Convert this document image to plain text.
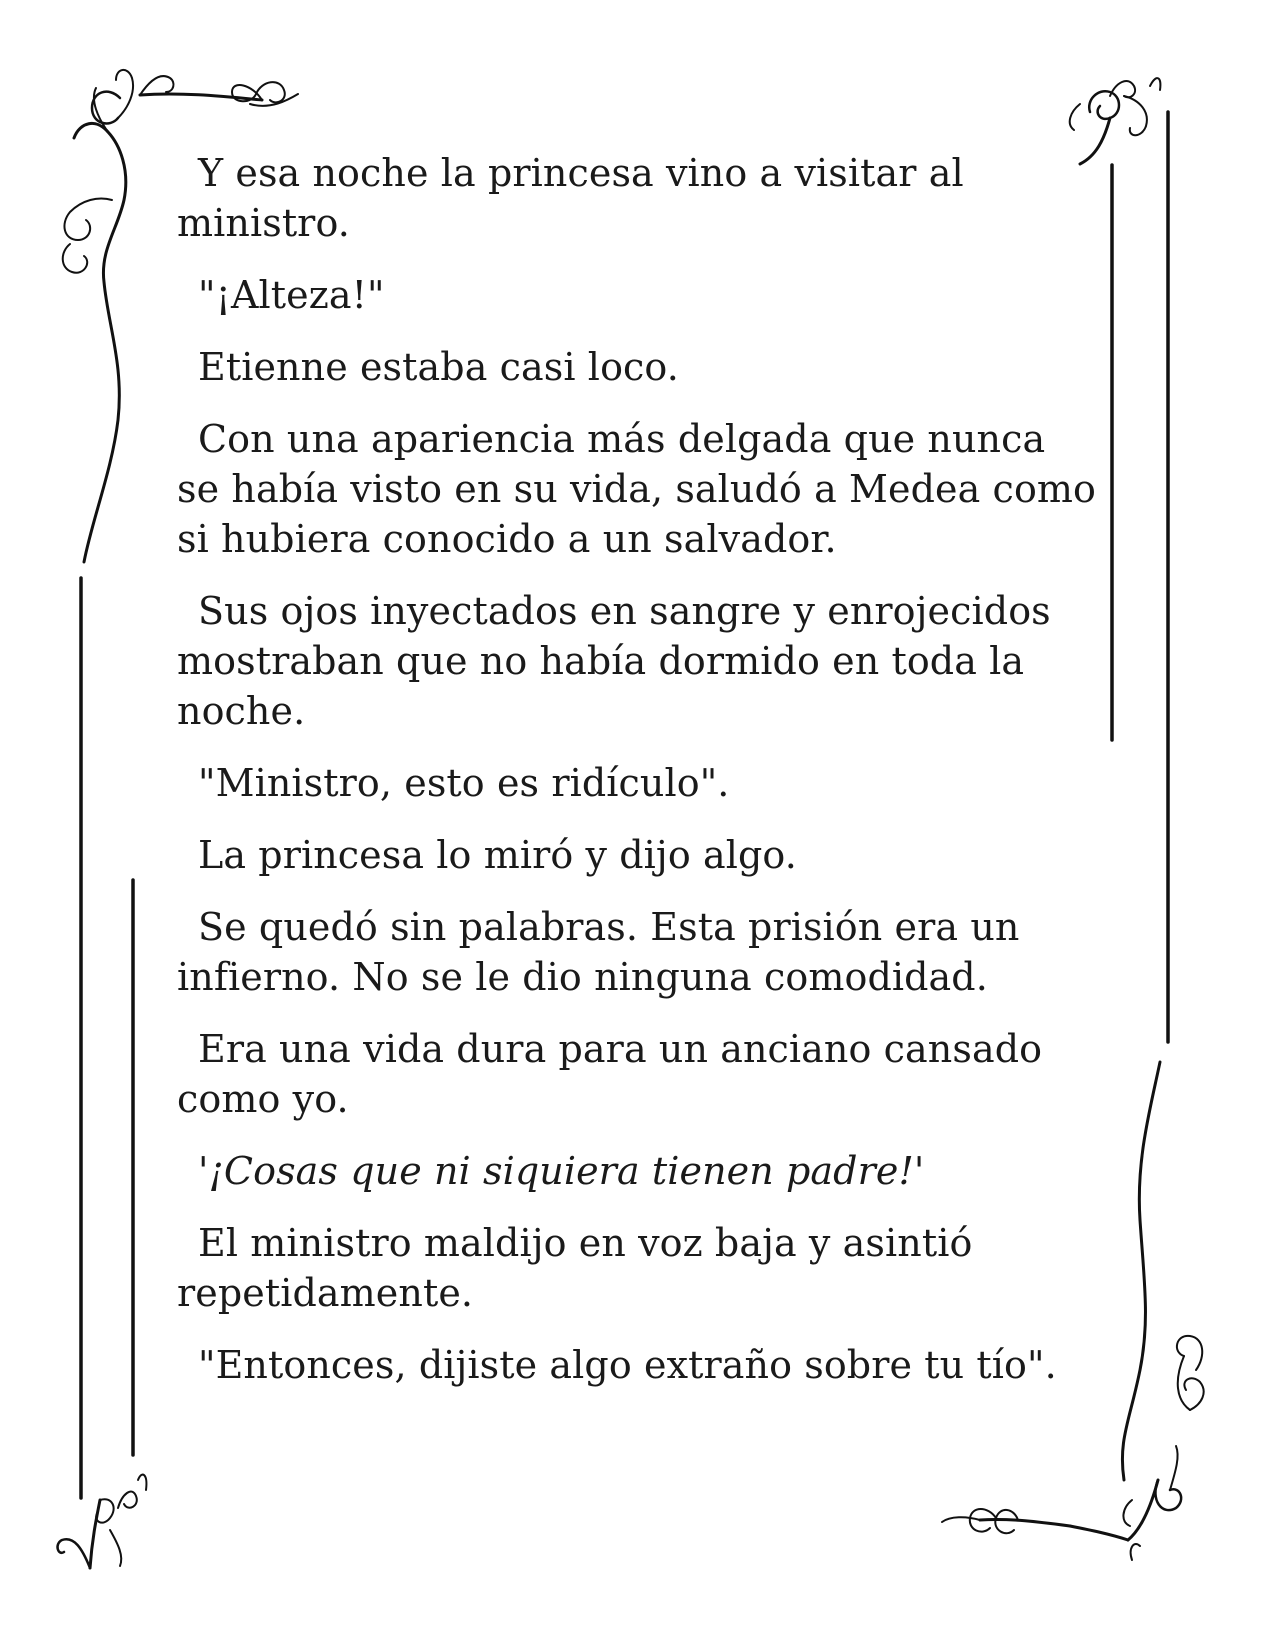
Y esa noche la princesa vino a visitar al ministro.

"¡Alteza!"

Etienne estaba casi loco.

Con una apariencia más delgada que nunca se había visto en su vida, saludó a Medea como si hubiera conocido a un salvador.

Sus ojos inyectados en sangre y enrojecidos mostraban que no había dormido en toda la noche.

"Ministro, esto es ridículo".

La princesa lo miró y dijo algo.

Se quedó sin palabras. Esta prisión era un infierno. No se le dio ninguna comodidad.

Era una vida dura para un anciano cansado como yo.

'¡Cosas que ni siquiera tienen padre!'

El ministro maldijo en voz baja y asintió repetidamente.

"Entonces, dijiste algo extraño sobre tu tío".
